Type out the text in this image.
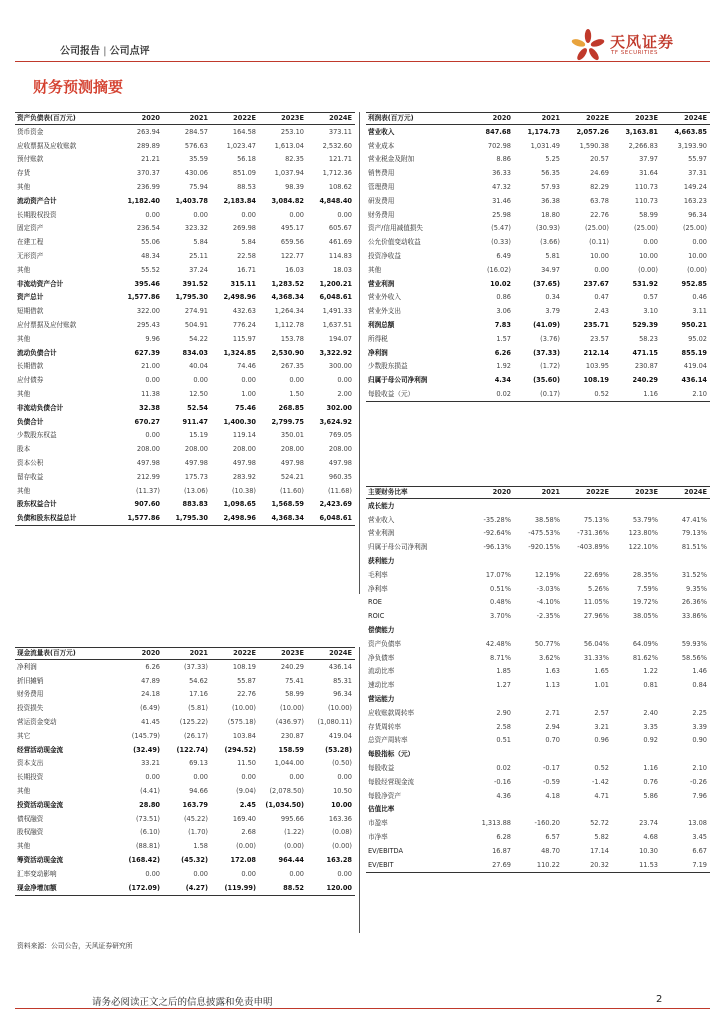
公司报告 | 公司点评
天风证券
TF SECURITIES
财务预测摘要
资产负债表(百万元)	2020	2021	2022E	2023E	2024E
货币资金	263.94	284.57	164.58	253.10	373.11
应收票据及应收账款	289.89	576.63	1,023.47	1,613.04	2,532.60
预付账款	21.21	35.59	56.18	82.35	121.71
存货	370.37	430.06	851.09	1,037.94	1,712.36
其他	236.99	75.94	88.53	98.39	108.62
流动资产合计	1,182.40	1,403.78	2,183.84	3,084.82	4,848.40
长期股权投资	0.00	0.00	0.00	0.00	0.00
固定资产	236.54	323.32	269.98	495.17	605.67
在建工程	55.06	5.84	5.84	659.56	461.69
无形资产	48.34	25.11	22.58	122.77	114.83
其他	55.52	37.24	16.71	16.03	18.03
非流动资产合计	395.46	391.52	315.11	1,283.52	1,200.21
资产总计	1,577.86	1,795.30	2,498.96	4,368.34	6,048.61
短期借款	322.00	274.91	432.63	1,264.34	1,491.33
应付票据及应付账款	295.43	504.91	776.24	1,112.78	1,637.51
其他	9.96	54.22	115.97	153.78	194.07
流动负债合计	627.39	834.03	1,324.85	2,530.90	3,322.92
长期借款	21.00	40.04	74.46	267.35	300.00
应付债券	0.00	0.00	0.00	0.00	0.00
其他	11.38	12.50	1.00	1.50	2.00
非流动负债合计	32.38	52.54	75.46	268.85	302.00
负债合计	670.27	911.47	1,400.30	2,799.75	3,624.92
少数股东权益	0.00	15.19	119.14	350.01	769.05
股本	208.00	208.00	208.00	208.00	208.00
资本公积	497.98	497.98	497.98	497.98	497.98
留存收益	212.99	175.73	283.92	524.21	960.35
其他	(11.37)	(13.06)	(10.38)	(11.60)	(11.68)
股东权益合计	907.60	883.83	1,098.65	1,568.59	2,423.69
负债和股东权益总计	1,577.86	1,795.30	2,498.96	4,368.34	6,048.61
利润表(百万元)	2020	2021	2022E	2023E	2024E
营业收入	847.68	1,174.73	2,057.26	3,163.81	4,663.85
营业成本	702.98	1,031.49	1,590.38	2,266.83	3,193.90
营业税金及附加	8.86	5.25	20.57	37.97	55.97
销售费用	36.33	56.35	24.69	31.64	37.31
管理费用	47.32	57.93	82.29	110.73	149.24
研发费用	31.46	36.38	63.78	110.73	163.23
财务费用	25.98	18.80	22.76	58.99	96.34
资产/信用减值损失	(5.47)	(30.93)	(25.00)	(25.00)	(25.00)
公允价值变动收益	(0.33)	(3.66)	(0.11)	0.00	0.00
投资净收益	6.49	5.81	10.00	10.00	10.00
其他	(16.02)	34.97	0.00	(0.00)	(0.00)
营业利润	10.02	(37.65)	237.67	531.92	952.85
营业外收入	0.86	0.34	0.47	0.57	0.46
营业外支出	3.06	3.79	2.43	3.10	3.11
利润总额	7.83	(41.09)	235.71	529.39	950.21
所得税	1.57	(3.76)	23.57	58.23	95.02
净利润	6.26	(37.33)	212.14	471.15	855.19
少数股东损益	1.92	(1.72)	103.95	230.87	419.04
归属于母公司净利润	4.34	(35.60)	108.19	240.29	436.14
每股收益（元）	0.02	(0.17)	0.52	1.16	2.10
主要财务比率	2020	2021	2022E	2023E	2024E
成长能力					
营业收入	-35.28%	38.58%	75.13%	53.79%	47.41%
营业利润	-92.64%	-475.53%	-731.36%	123.80%	79.13%
归属于母公司净利润	-96.13%	-920.15%	-403.89%	122.10%	81.51%
获利能力					
毛利率	17.07%	12.19%	22.69%	28.35%	31.52%
净利率	0.51%	-3.03%	5.26%	7.59%	9.35%
ROE	0.48%	-4.10%	11.05%	19.72%	26.36%
ROIC	3.70%	-2.35%	27.96%	38.05%	33.86%
偿债能力					
资产负债率	42.48%	50.77%	56.04%	64.09%	59.93%
净负债率	8.71%	3.62%	31.33%	81.62%	58.56%
流动比率	1.85	1.63	1.65	1.22	1.46
速动比率	1.27	1.13	1.01	0.81	0.84
营运能力					
应收账款周转率	2.90	2.71	2.57	2.40	2.25
存货周转率	2.58	2.94	3.21	3.35	3.39
总资产周转率	0.51	0.70	0.96	0.92	0.90
每股指标（元）					
每股收益	0.02	-0.17	0.52	1.16	2.10
每股经营现金流	-0.16	-0.59	-1.42	0.76	-0.26
每股净资产	4.36	4.18	4.71	5.86	7.96
估值比率					
市盈率	1,313.88	-160.20	52.72	23.74	13.08
市净率	6.28	6.57	5.82	4.68	3.45
EV/EBITDA	16.87	48.70	17.14	10.30	6.67
EV/EBIT	27.69	110.22	20.32	11.53	7.19
现金流量表(百万元)	2020	2021	2022E	2023E	2024E
净利润	6.26	(37.33)	108.19	240.29	436.14
折旧摊销	47.89	54.62	55.87	75.41	85.31
财务费用	24.18	17.16	22.76	58.99	96.34
投资损失	(6.49)	(5.81)	(10.00)	(10.00)	(10.00)
营运资金变动	41.45	(125.22)	(575.18)	(436.97)	(1,080.11)
其它	(145.79)	(26.17)	103.84	230.87	419.04
经营活动现金流	(32.49)	(122.74)	(294.52)	158.59	(53.28)
资本支出	33.21	69.13	11.50	1,044.00	(0.50)
长期投资	0.00	0.00	0.00	0.00	0.00
其他	(4.41)	94.66	(9.04)	(2,078.50)	10.50
投资活动现金流	28.80	163.79	2.45	(1,034.50)	10.00
债权融资	(73.51)	(45.22)	169.40	995.66	163.36
股权融资	(6.10)	(1.70)	2.68	(1.22)	(0.08)
其他	(88.81)	1.58	(0.00)	(0.00)	(0.00)
筹资活动现金流	(168.42)	(45.32)	172.08	964.44	163.28
汇率变动影响	0.00	0.00	0.00	0.00	0.00
现金净增加额	(172.09)	(4.27)	(119.99)	88.52	120.00
资料来源：公司公告，天风证券研究所
请务必阅读正文之后的信息披露和免责申明	2
